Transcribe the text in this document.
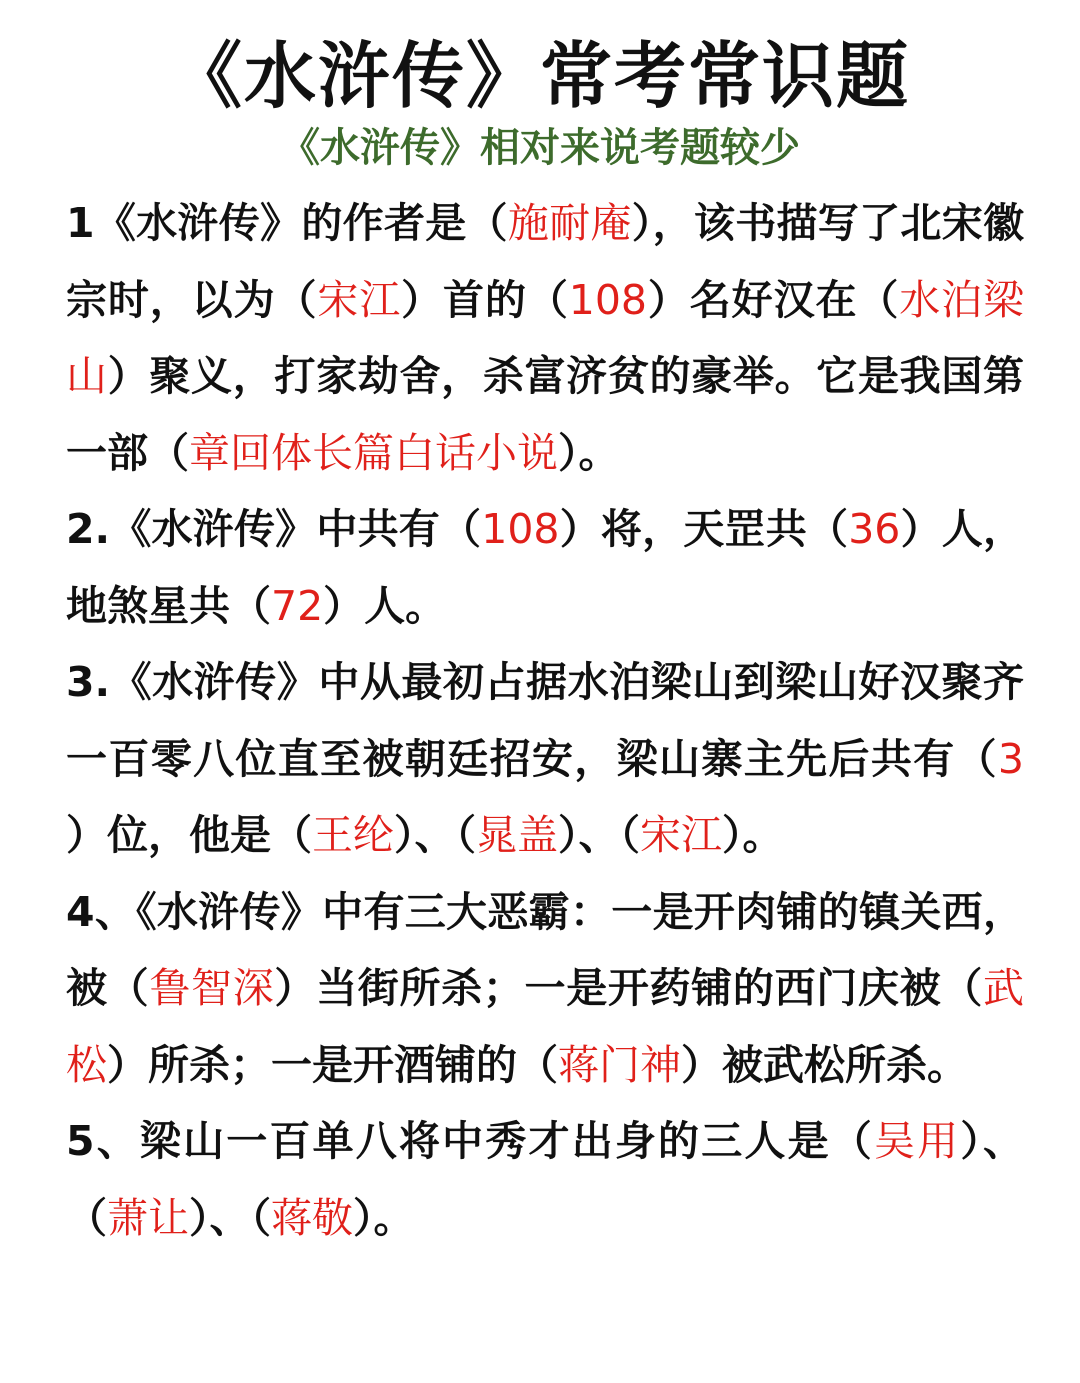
《水浒传》常考常识题
《水浒传》相对来说考题较少

1《水浒传》的作者是（施耐庵），该书描写了北宋徽宗时，以为（宋江）首的（108）名好汉在（水泊梁山）聚义，打家劫舍，杀富济贫的豪举。它是我国第一部（章回体长篇白话小说）。

2.《水浒传》中共有（108）将，天罡共（36）人，地煞星共（72）人。

3.《水浒传》中从最初占据水泊梁山到梁山好汉聚齐一百零八位直至被朝廷招安，梁山寨主先后共有（3 ）位，他是（王纶）、（晁盖）、（宋江）。

4、《水浒传》中有三大恶霸：一是开肉铺的镇关西，被（鲁智深）当街所杀；一是开药铺的西门庆被（武松）所杀；一是开酒铺的（蒋门神）被武松所杀。

5、梁山一百单八将中秀才出身的三人是（吴用）、（萧让）、（蒋敬）。
